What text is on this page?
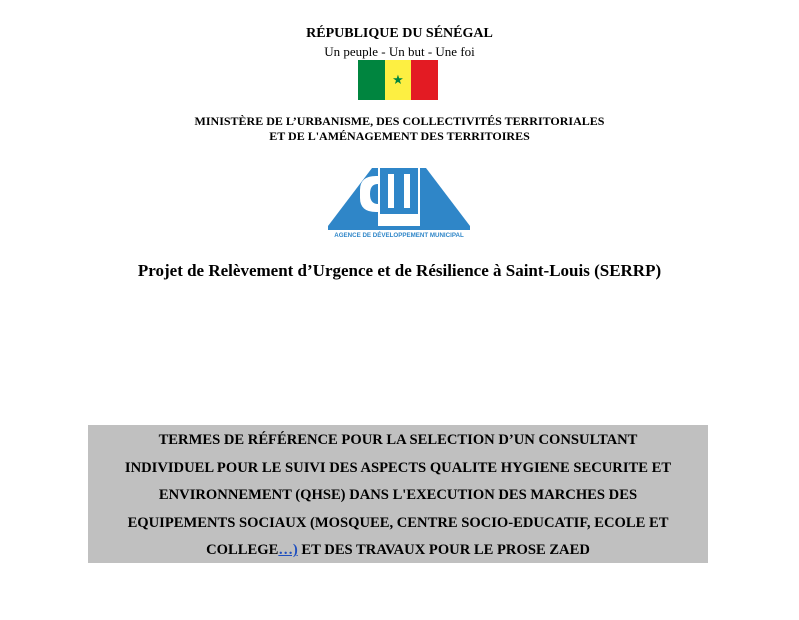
RÉPUBLIQUE DU SÉNÉGAL
Un peuple - Un but - Une foi
★
MINISTÈRE DE L’URBANISME, DES COLLECTIVITÉS TERRITORIALES
ET DE L'AMÉNAGEMENT DES TERRITOIRES
AGENCE DE DÉVELOPPEMENT MUNICIPAL
Projet de Relèvement d’Urgence et de Résilience à Saint-Louis (SERRP)
TERMES DE RÉFÉRENCE POUR LA SELECTION D’UN CONSULTANT
INDIVIDUEL POUR LE SUIVI DES ASPECTS QUALITE HYGIENE SECURITE ET
ENVIRONNEMENT (QHSE) DANS L'EXECUTION DES MARCHES DES
EQUIPEMENTS SOCIAUX (MOSQUEE, CENTRE SOCIO-EDUCATIF, ECOLE ET
COLLEGE…) ET DES TRAVAUX POUR LE PROSE ZAED
